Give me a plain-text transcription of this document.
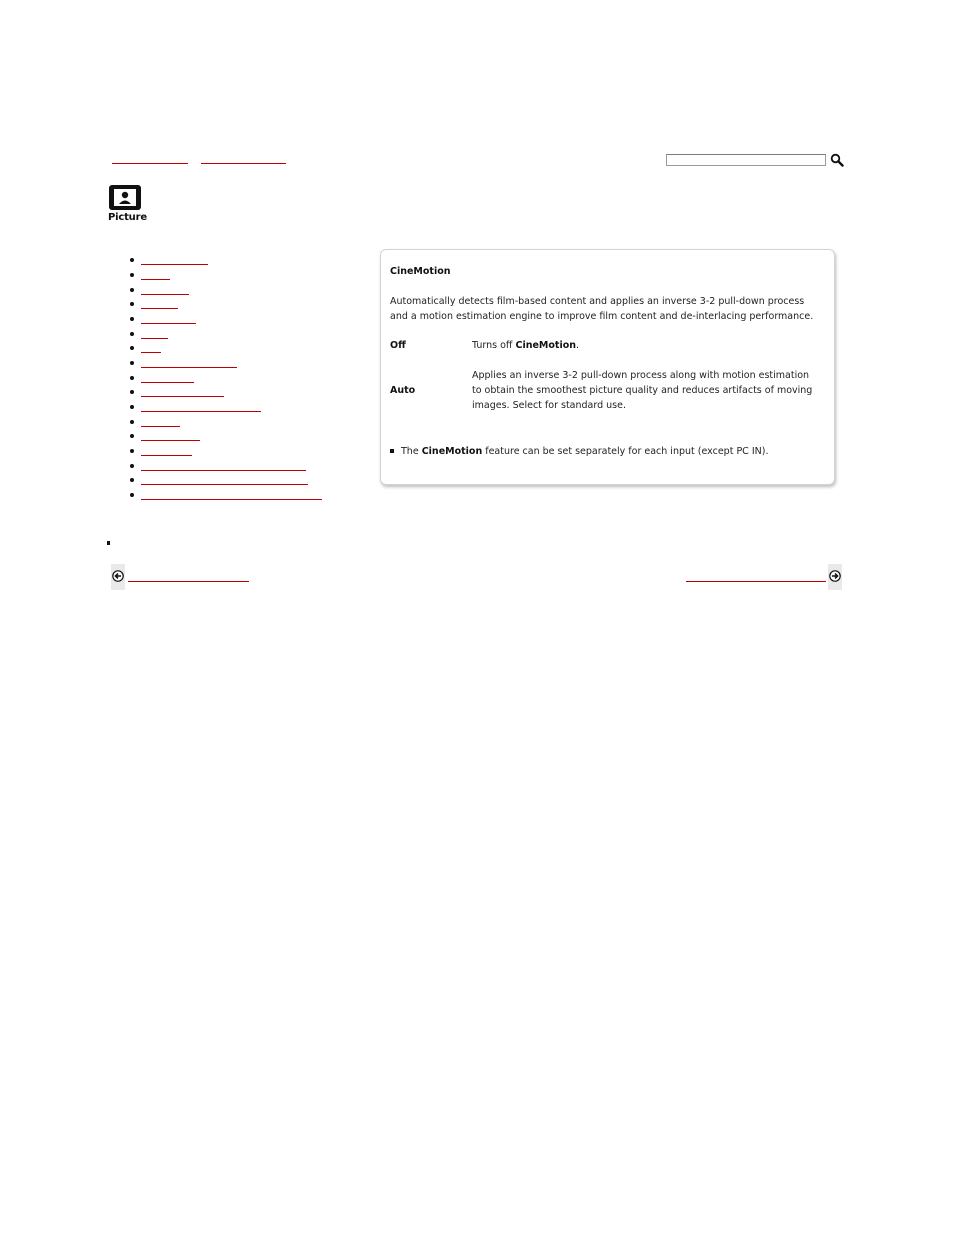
Picture
CineMotion
Automatically detects film-based content and applies an inverse 3-2 pull-down process and a motion estimation engine to improve film content and de-interlacing performance.
Off	Turns off CineMotion.
Auto
Applies an inverse 3-2 pull-down process along with motion estimation to obtain the smoothest picture quality and reduces artifacts of moving images. Select for standard use.
The CineMotion feature can be set separately for each input (except PC IN).
